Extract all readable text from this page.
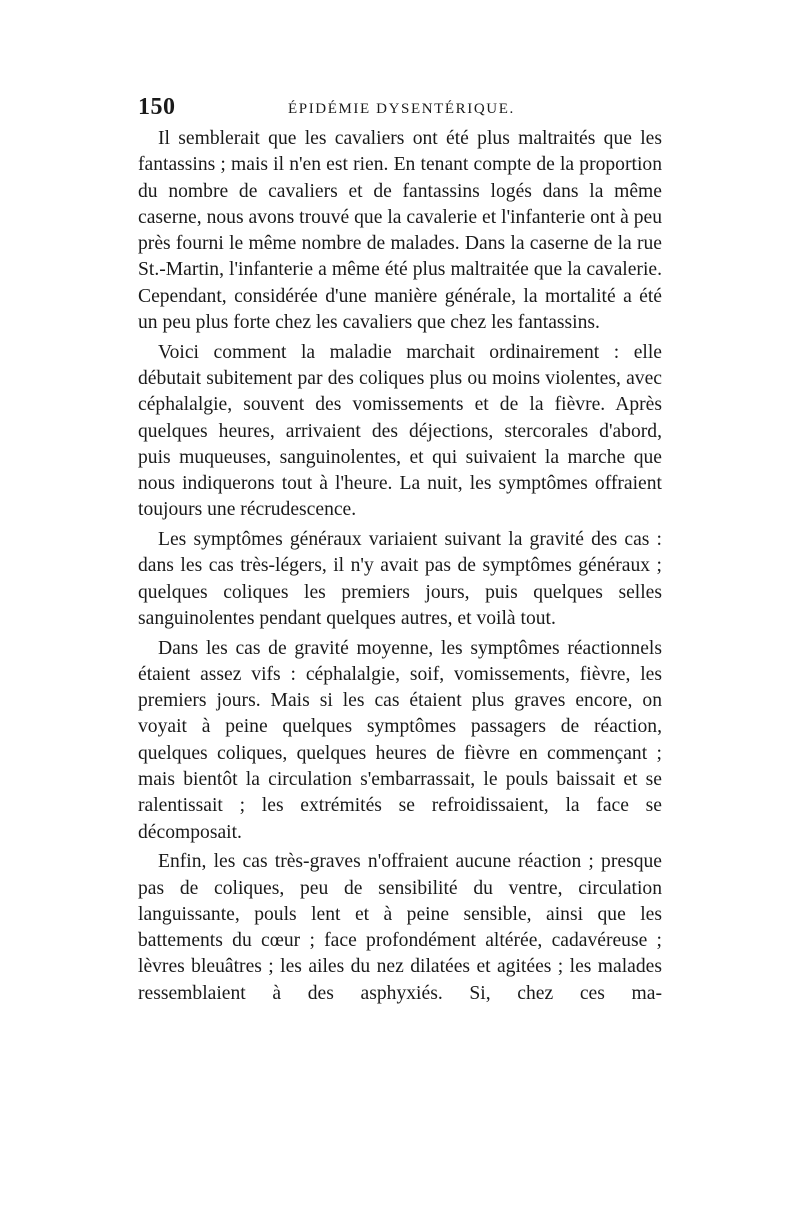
150	ÉPIDÉMIE DYSENTÉRIQUE.

Il semblerait que les cavaliers ont été plus maltraités que les fantassins ; mais il n'en est rien. En tenant compte de la proportion du nombre de cavaliers et de fantassins logés dans la même caserne, nous avons trouvé que la cavalerie et l'infanterie ont à peu près fourni le même nombre de malades. Dans la caserne de la rue St.-Martin, l'infanterie a même été plus maltraitée que la cavalerie. Cependant, considérée d'une manière générale, la mortalité a été un peu plus forte chez les cavaliers que chez les fantassins.

Voici comment la maladie marchait ordinairement : elle débutait subitement par des coliques plus ou moins violentes, avec céphalalgie, souvent des vomissements et de la fièvre. Après quelques heures, arrivaient des déjections, stercorales d'abord, puis muqueuses, sanguinolentes, et qui suivaient la marche que nous indiquerons tout à l'heure. La nuit, les symptômes offraient toujours une récrudescence.

Les symptômes généraux variaient suivant la gravité des cas : dans les cas très-légers, il n'y avait pas de symptômes généraux ; quelques coliques les premiers jours, puis quelques selles sanguinolentes pendant quelques autres, et voilà tout.

Dans les cas de gravité moyenne, les symptômes réactionnels étaient assez vifs : céphalalgie, soif, vomissements, fièvre, les premiers jours. Mais si les cas étaient plus graves encore, on voyait à peine quelques symptômes passagers de réaction, quelques coliques, quelques heures de fièvre en commençant ; mais bientôt la circulation s'embarrassait, le pouls baissait et se ralentissait ; les extrémités se refroidissaient, la face se décomposait.

Enfin, les cas très-graves n'offraient aucune réaction ; presque pas de coliques, peu de sensibilité du ventre, circulation languissante, pouls lent et à peine sensible, ainsi que les battements du cœur ; face profondément altérée, cadavéreuse ; lèvres bleuâtres ; les ailes du nez dilatées et agitées ; les malades ressemblaient à des asphyxiés. Si, chez ces ma-
